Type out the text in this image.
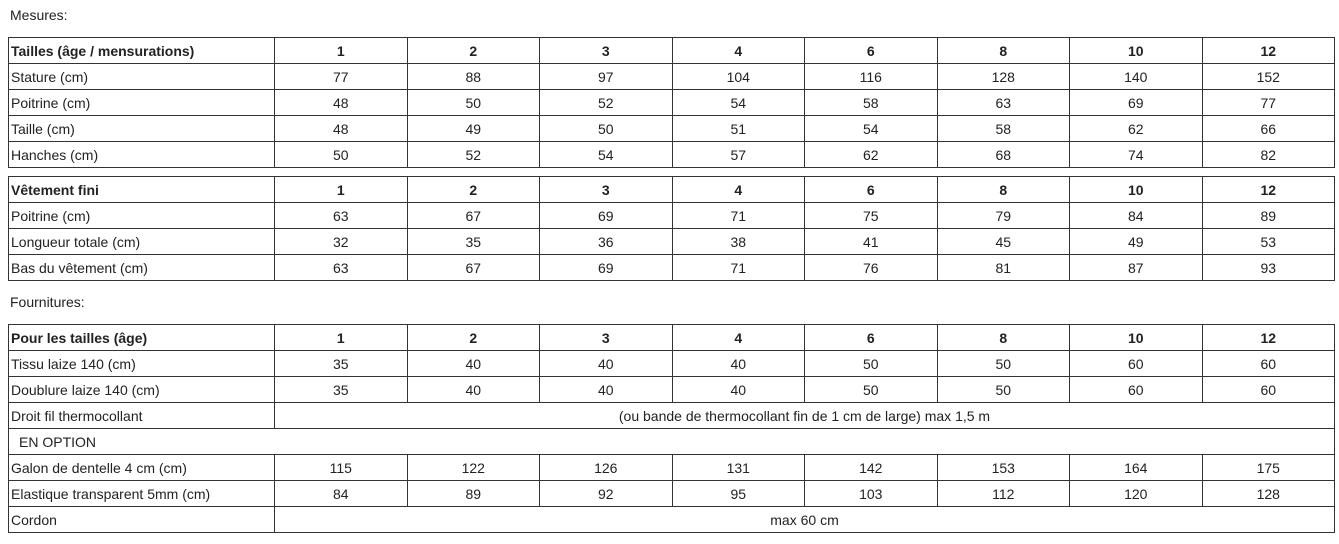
Mesures:
Tailles (âge / mensurations)	1	2	3	4	6	8	10	12
Stature (cm)	77	88	97	104	116	128	140	152
Poitrine (cm)	48	50	52	54	58	63	69	77
Taille (cm)	48	49	50	51	54	58	62	66
Hanches (cm)	50	52	54	57	62	68	74	82
Vêtement fini	1	2	3	4	6	8	10	12
Poitrine (cm)	63	67	69	71	75	79	84	89
Longueur totale (cm)	32	35	36	38	41	45	49	53
Bas du vêtement (cm)	63	67	69	71	76	81	87	93
Fournitures:
Pour les tailles (âge)	1	2	3	4	6	8	10	12
Tissu laize 140 (cm)	35	40	40	40	50	50	60	60
Doublure laize 140 (cm)	35	40	40	40	50	50	60	60
Droit fil thermocollant	(ou bande de thermocollant fin de 1 cm de large) max 1,5 m							
EN OPTION								
Galon de dentelle 4 cm (cm)	115	122	126	131	142	153	164	175
Elastique transparent 5mm (cm)	84	89	92	95	103	112	120	128
Cordon	max 60 cm							
